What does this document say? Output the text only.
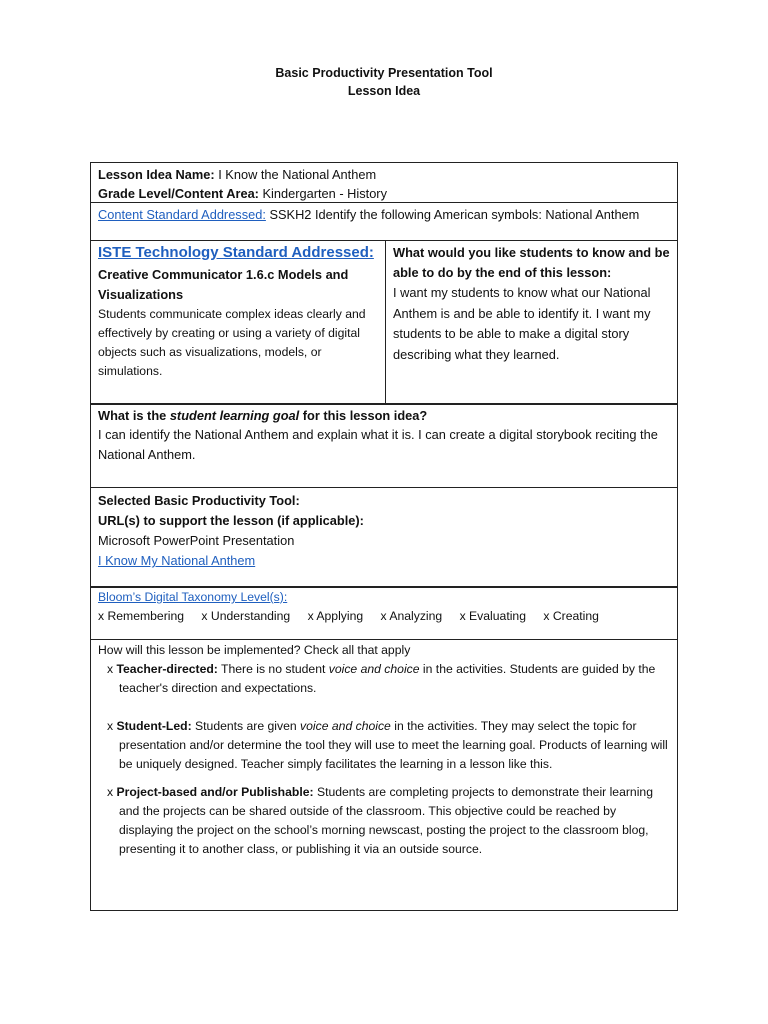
Basic Productivity Presentation Tool
Lesson Idea
Lesson Idea Name: I Know the National Anthem
Grade Level/Content Area: Kindergarten - History
Content Standard Addressed: SSKH2 Identify the following American symbols: National Anthem
ISTE Technology Standard Addressed:
Creative Communicator 1.6.c Models and Visualizations
Students communicate complex ideas clearly and effectively by creating or using a variety of digital objects such as visualizations, models, or simulations.
What would you like students to know and be able to do by the end of this lesson:
I want my students to know what our National Anthem is and be able to identify it. I want my students to be able to make a digital story describing what they learned.
What is the student learning goal for this lesson idea?
I can identify the National Anthem and explain what it is. I can create a digital storybook reciting the National Anthem.
Selected Basic Productivity Tool:
URL(s) to support the lesson (if applicable):
Microsoft PowerPoint Presentation
I Know My National Anthem
Bloom’s Digital Taxonomy Level(s):
x Remembering x Understanding x Applying x Analyzing x Evaluating x Creating
How will this lesson be implemented? Check all that apply
x Teacher-directed: There is no student voice and choice in the activities. Students are guided by the teacher's direction and expectations.
x Student-Led: Students are given voice and choice in the activities. They may select the topic for presentation and/or determine the tool they will use to meet the learning goal. Products of learning will be uniquely designed. Teacher simply facilitates the learning in a lesson like this.
x Project-based and/or Publishable: Students are completing projects to demonstrate their learning and the projects can be shared outside of the classroom. This objective could be reached by displaying the project on the school’s morning newscast, posting the project to the classroom blog, presenting it to another class, or publishing it via an outside source.
